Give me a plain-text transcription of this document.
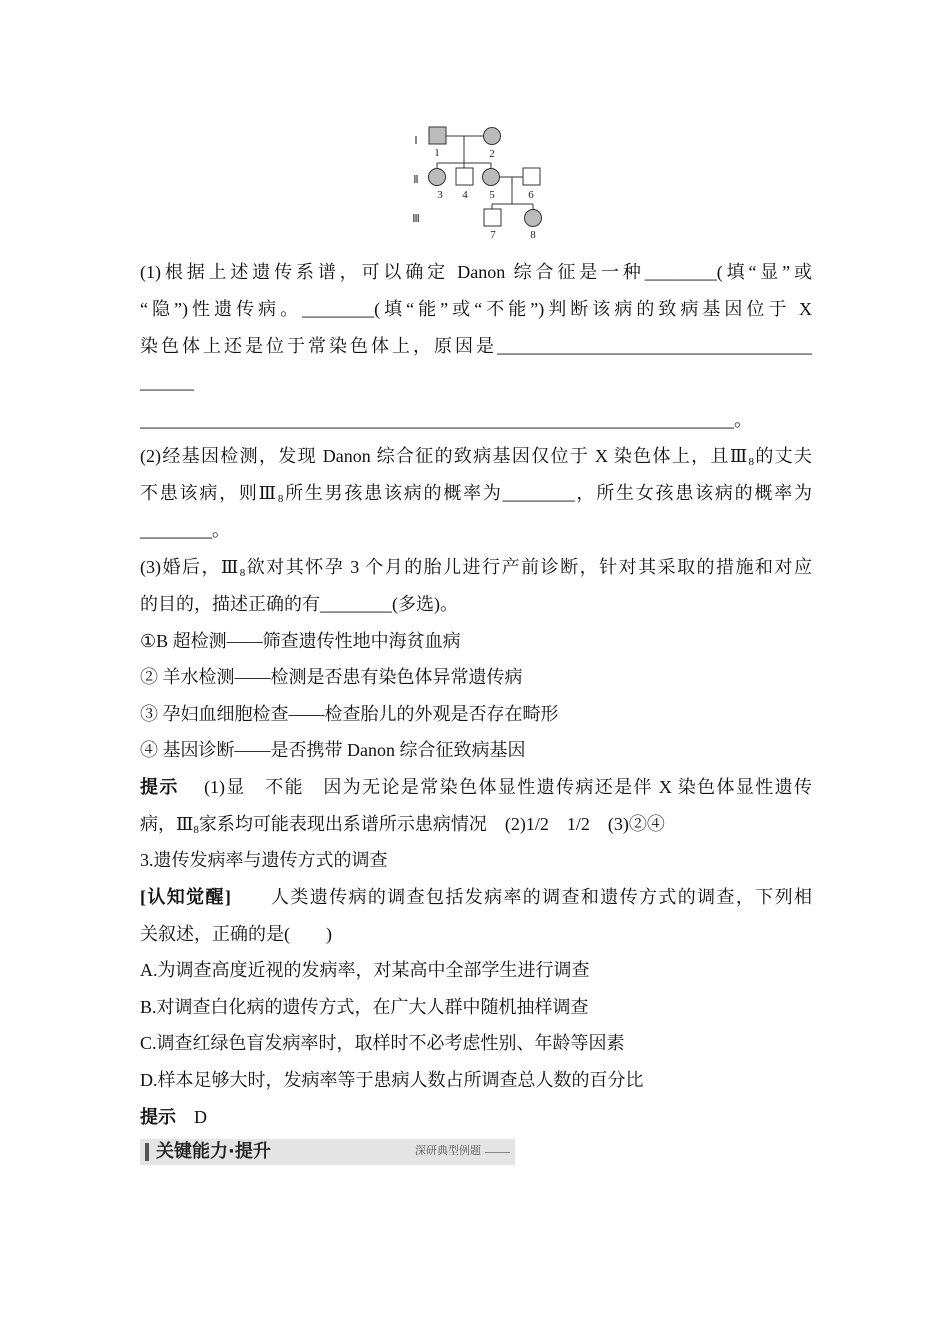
Ⅰ
Ⅱ
Ⅲ
1	2
3 4 5	6
7	8
(1)根据上述遗传系谱，可以确定 Danon 综合征是一种________(填“显”或
“隐”)性遗传病。________(填“能”或“不能”)判断该病的致病基因位于 X
染色体上还是位于常染色体上，原因是___________________________________
______
__________________________________________________________________。
(2)经基因检测，发现 Danon 综合征的致病基因仅位于 X 染色体上，且$Ⅲ_8$的丈夫
不患该病，则$Ⅲ_8$所生男孩患该病的概率为________，所生女孩患该病的概率为
________。
(3)婚后，$Ⅲ_8$欲对其怀孕 3 个月的胎儿进行产前诊断，针对其采取的措施和对应
的目的，描述正确的有________(多选)。
①B 超检测——筛查遗传性地中海贫血病
② 羊水检测——检测是否患有染色体异常遗传病
③ 孕妇血细胞检查——检查胎儿的外观是否存在畸形
④ 基因诊断——是否携带 Danon 综合征致病基因
提示　 (1)显　不能　因为无论是常染色体显性遗传病还是伴 X 染色体显性遗传
病，$Ⅲ_8$家系均可能表现出系谱所示患病情况　(2)1/2　1/2　(3)②④
3.遗传发病率与遗传方式的调查
[认知觉醒]　　 人类遗传病的调查包括发病率的调查和遗传方式的调查，下列相
关叙述，正确的是(　　)
A.为调查高度近视的发病率，对某高中全部学生进行调查
B.对调查白化病的遗传方式，在广大人群中随机抽样调查
C.调查红绿色盲发病率时，取样时不必考虑性别、年龄等因素
D.样本足够大时，发病率等于患病人数占所调查总人数的百分比
提示　 D
关键能力·提升	深研典型例题
